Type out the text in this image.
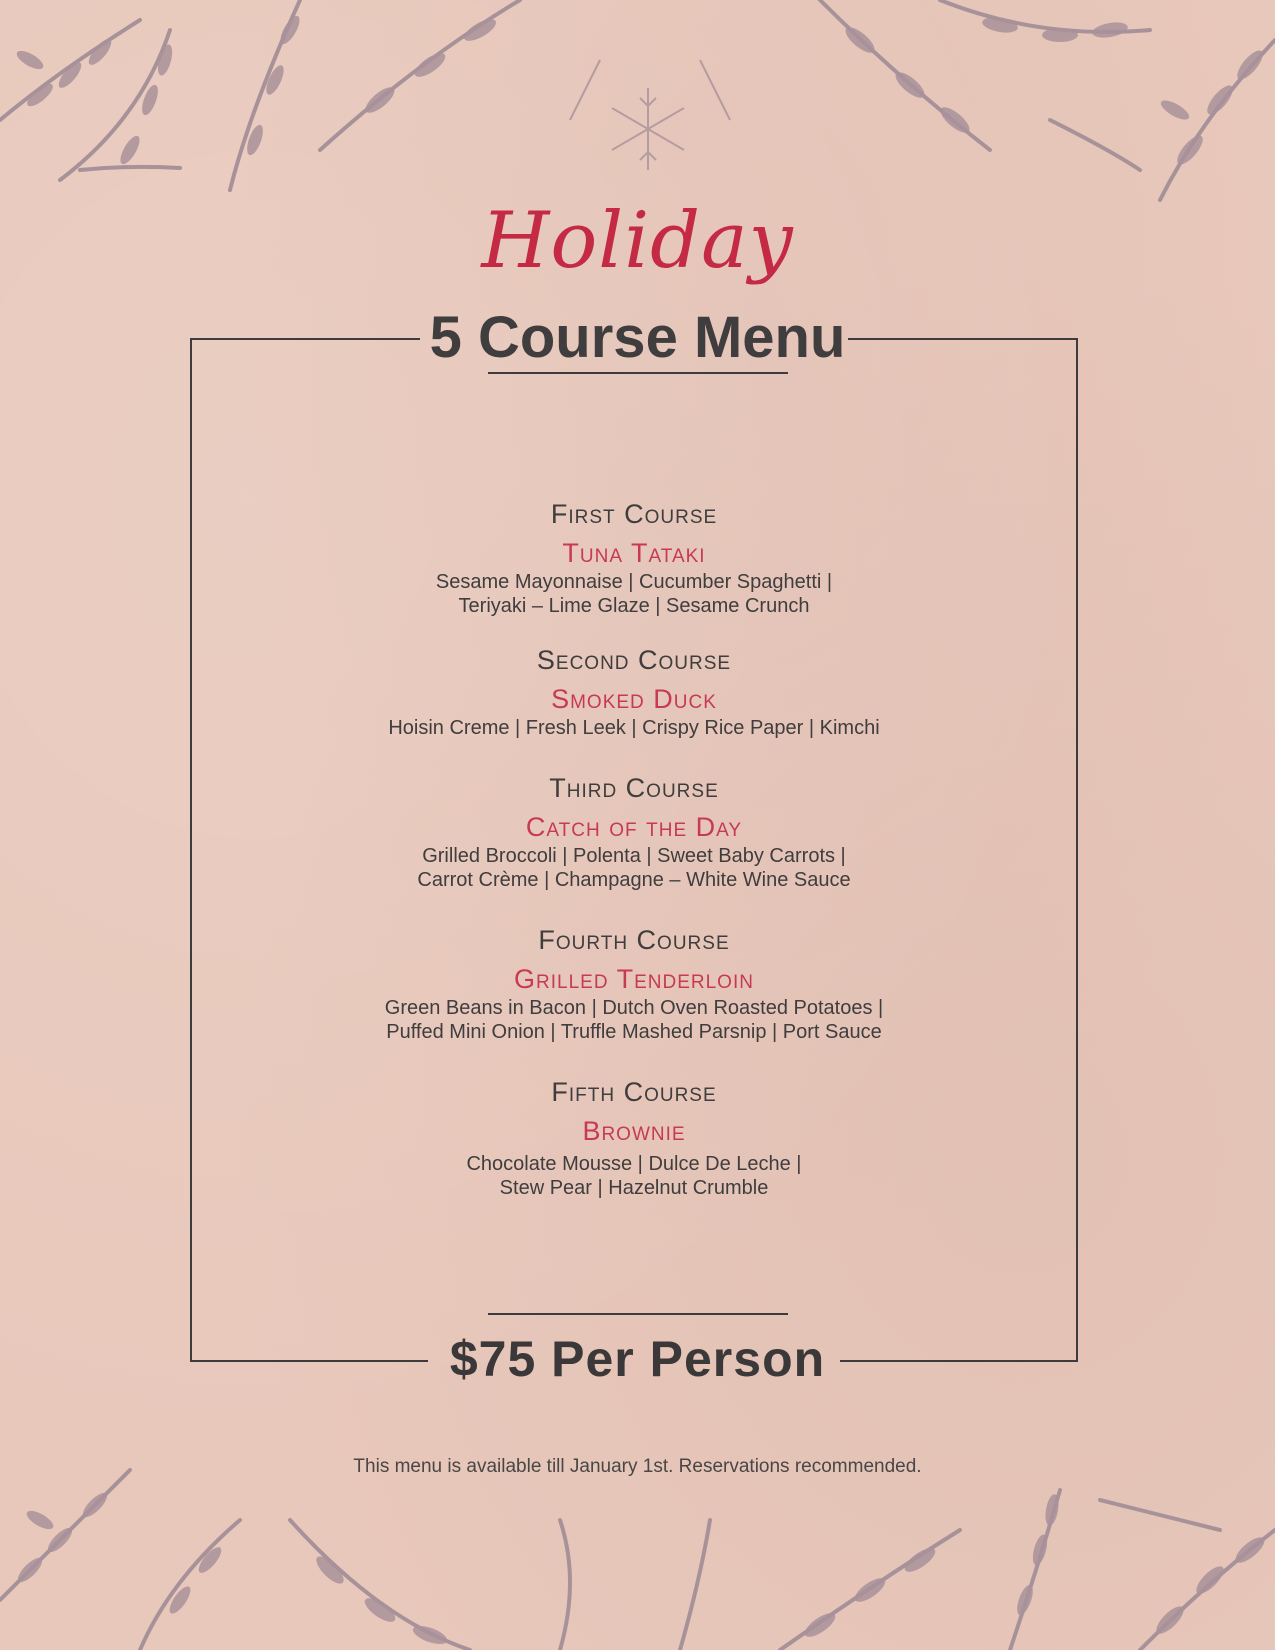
Holiday
5 Course Menu
First Course
Tuna Tataki
Sesame Mayonnaise | Cucumber Spaghetti |
Teriyaki – Lime Glaze | Sesame Crunch
Second Course
Smoked Duck
Hoisin Creme | Fresh Leek | Crispy Rice Paper | Kimchi
Third Course
Catch of the Day
Grilled Broccoli | Polenta | Sweet Baby Carrots |
Carrot Crème | Champagne – White Wine Sauce
Fourth Course
Grilled Tenderloin
Green Beans in Bacon | Dutch Oven Roasted Potatoes |
Puffed Mini Onion | Truffle Mashed Parsnip | Port Sauce
Fifth Course
Brownie
Chocolate Mousse | Dulce De Leche |
Stew Pear | Hazelnut Crumble
$75 Per Person
This menu is available till January 1st. Reservations recommended.
